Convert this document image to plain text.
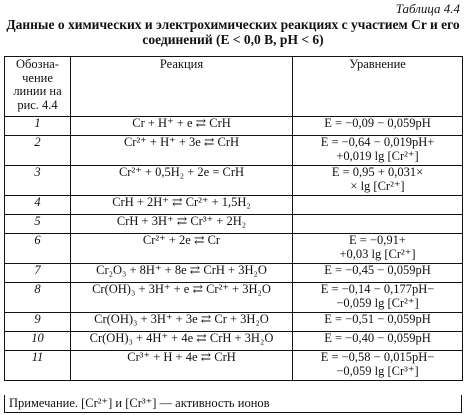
Таблица 4.4
Данные о химических и электрохимических реакциях с участием Cr и его
соединений (E < 0,0 В, pH < 6)
Обозна-
чение
линии на
рис. 4.4	Реакция	Уравнение
1	Cr + H⁺ + e ⇄ CrH	E = −0,09 − 0,059pH

2	Cr²⁺ + H⁺ + 3e ⇄ CrH	E = −0,64 − 0,019pH+
+0,019 lg [Cr²⁺]

3	Cr²⁺ + 0,5H₂ + 2e = CrH	E = 0,95 + 0,031×
× lg [Cr²⁺]

4	CrH + 2H⁺ ⇄ Cr²⁺ + 1,5H₂	

5	CrH + 3H⁺ ⇄ Cr³⁺ + 2H₂	

6	Cr²⁺ + 2e ⇄ Cr	E = −0,91+
+0,03 lg [Cr²⁺]

7	Cr₂O₃ + 8H⁺ + 8e ⇄ CrH + 3H₂O	E = −0,45 − 0,059pH

8	Cr(OH)₃ + 3H⁺ + e ⇄ Cr²⁺ + 3H₂O	E = −0,14 − 0,177pH−
−0,059 lg [Cr²⁺]

9	Cr(OH)₃ + 3H⁺ + 3e ⇄ Cr + 3H₂O	E = −0,51 − 0,059pH

10	Cr(OH)₃ + 4H⁺ + 4e ⇄ CrH + 3H₂O	E = −0,40 − 0,059pH

11	Cr³⁺ + H + 4e ⇄ CrH	E = −0,58 − 0,015pH−
−0,059 lg [Cr³⁺]
Примечание. [Cr²⁺] и [Cr³⁺] — активность ионов
